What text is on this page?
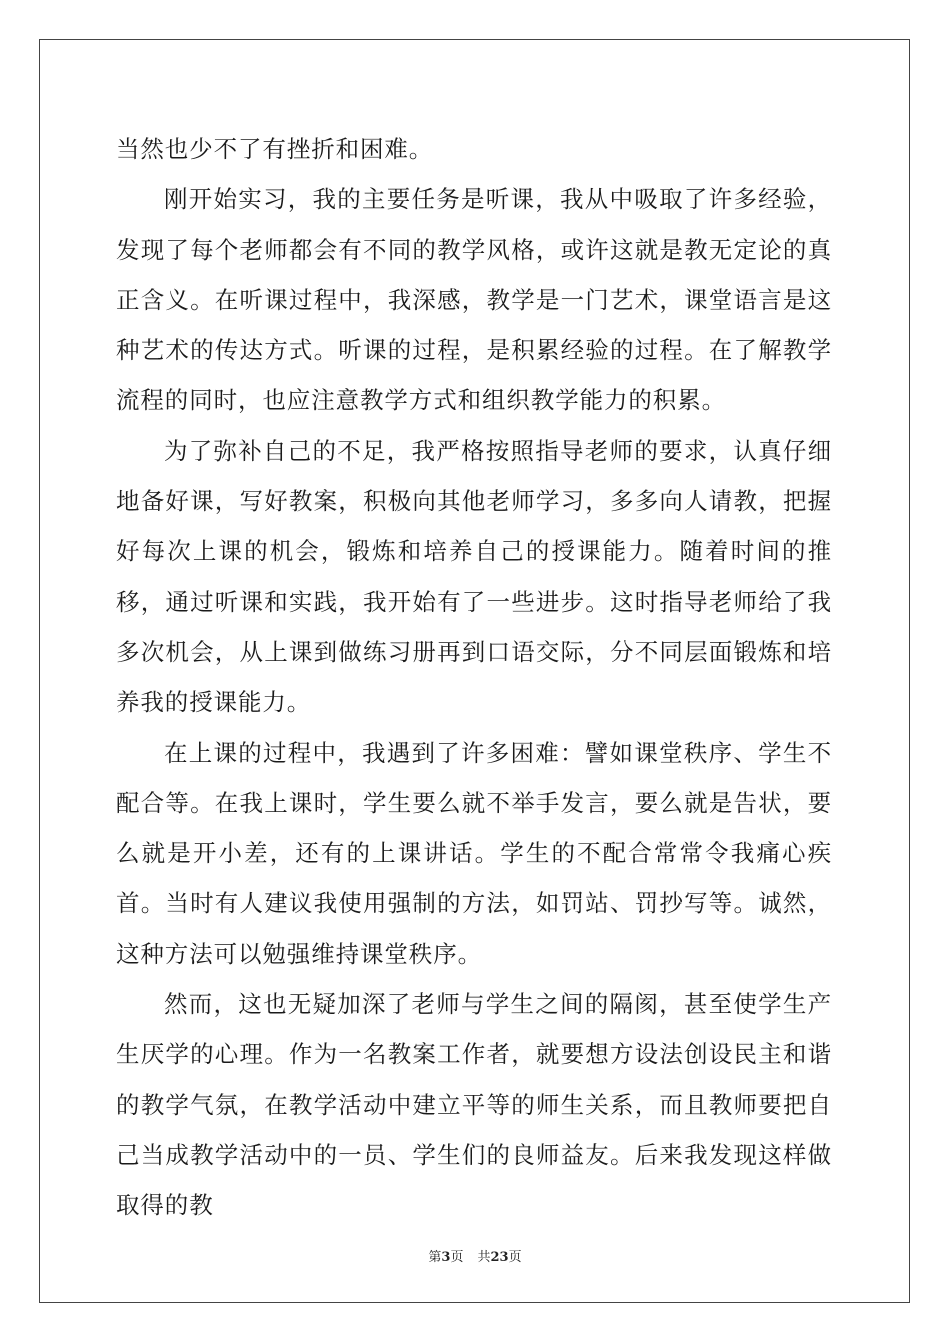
当然也少不了有挫折和困难。

刚开始实习，我的主要任务是听课，我从中吸取了许多经验，发现了每个老师都会有不同的教学风格，或许这就是教无定论的真正含义。在听课过程中，我深感，教学是一门艺术，课堂语言是这种艺术的传达方式。听课的过程，是积累经验的过程。在了解教学流程的同时，也应注意教学方式和组织教学能力的积累。

为了弥补自己的不足，我严格按照指导老师的要求，认真仔细地备好课，写好教案，积极向其他老师学习，多多向人请教，把握好每次上课的机会，锻炼和培养自己的授课能力。随着时间的推移，通过听课和实践，我开始有了一些进步。这时指导老师给了我多次机会，从上课到做练习册再到口语交际，分不同层面锻炼和培养我的授课能力。

在上课的过程中，我遇到了许多困难：譬如课堂秩序、学生不配合等。在我上课时，学生要么就不举手发言，要么就是告状，要么就是开小差，还有的上课讲话。学生的不配合常常令我痛心疾首。当时有人建议我使用强制的方法，如罚站、罚抄写等。诚然，这种方法可以勉强维持课堂秩序。

然而，这也无疑加深了老师与学生之间的隔阂，甚至使学生产生厌学的心理。作为一名教案工作者，就要想方设法创设民主和谐的教学气氛，在教学活动中建立平等的师生关系，而且教师要把自己当成教学活动中的一员、学生们的良师益友。后来我发现这样做取得的教

第3页 共23页
